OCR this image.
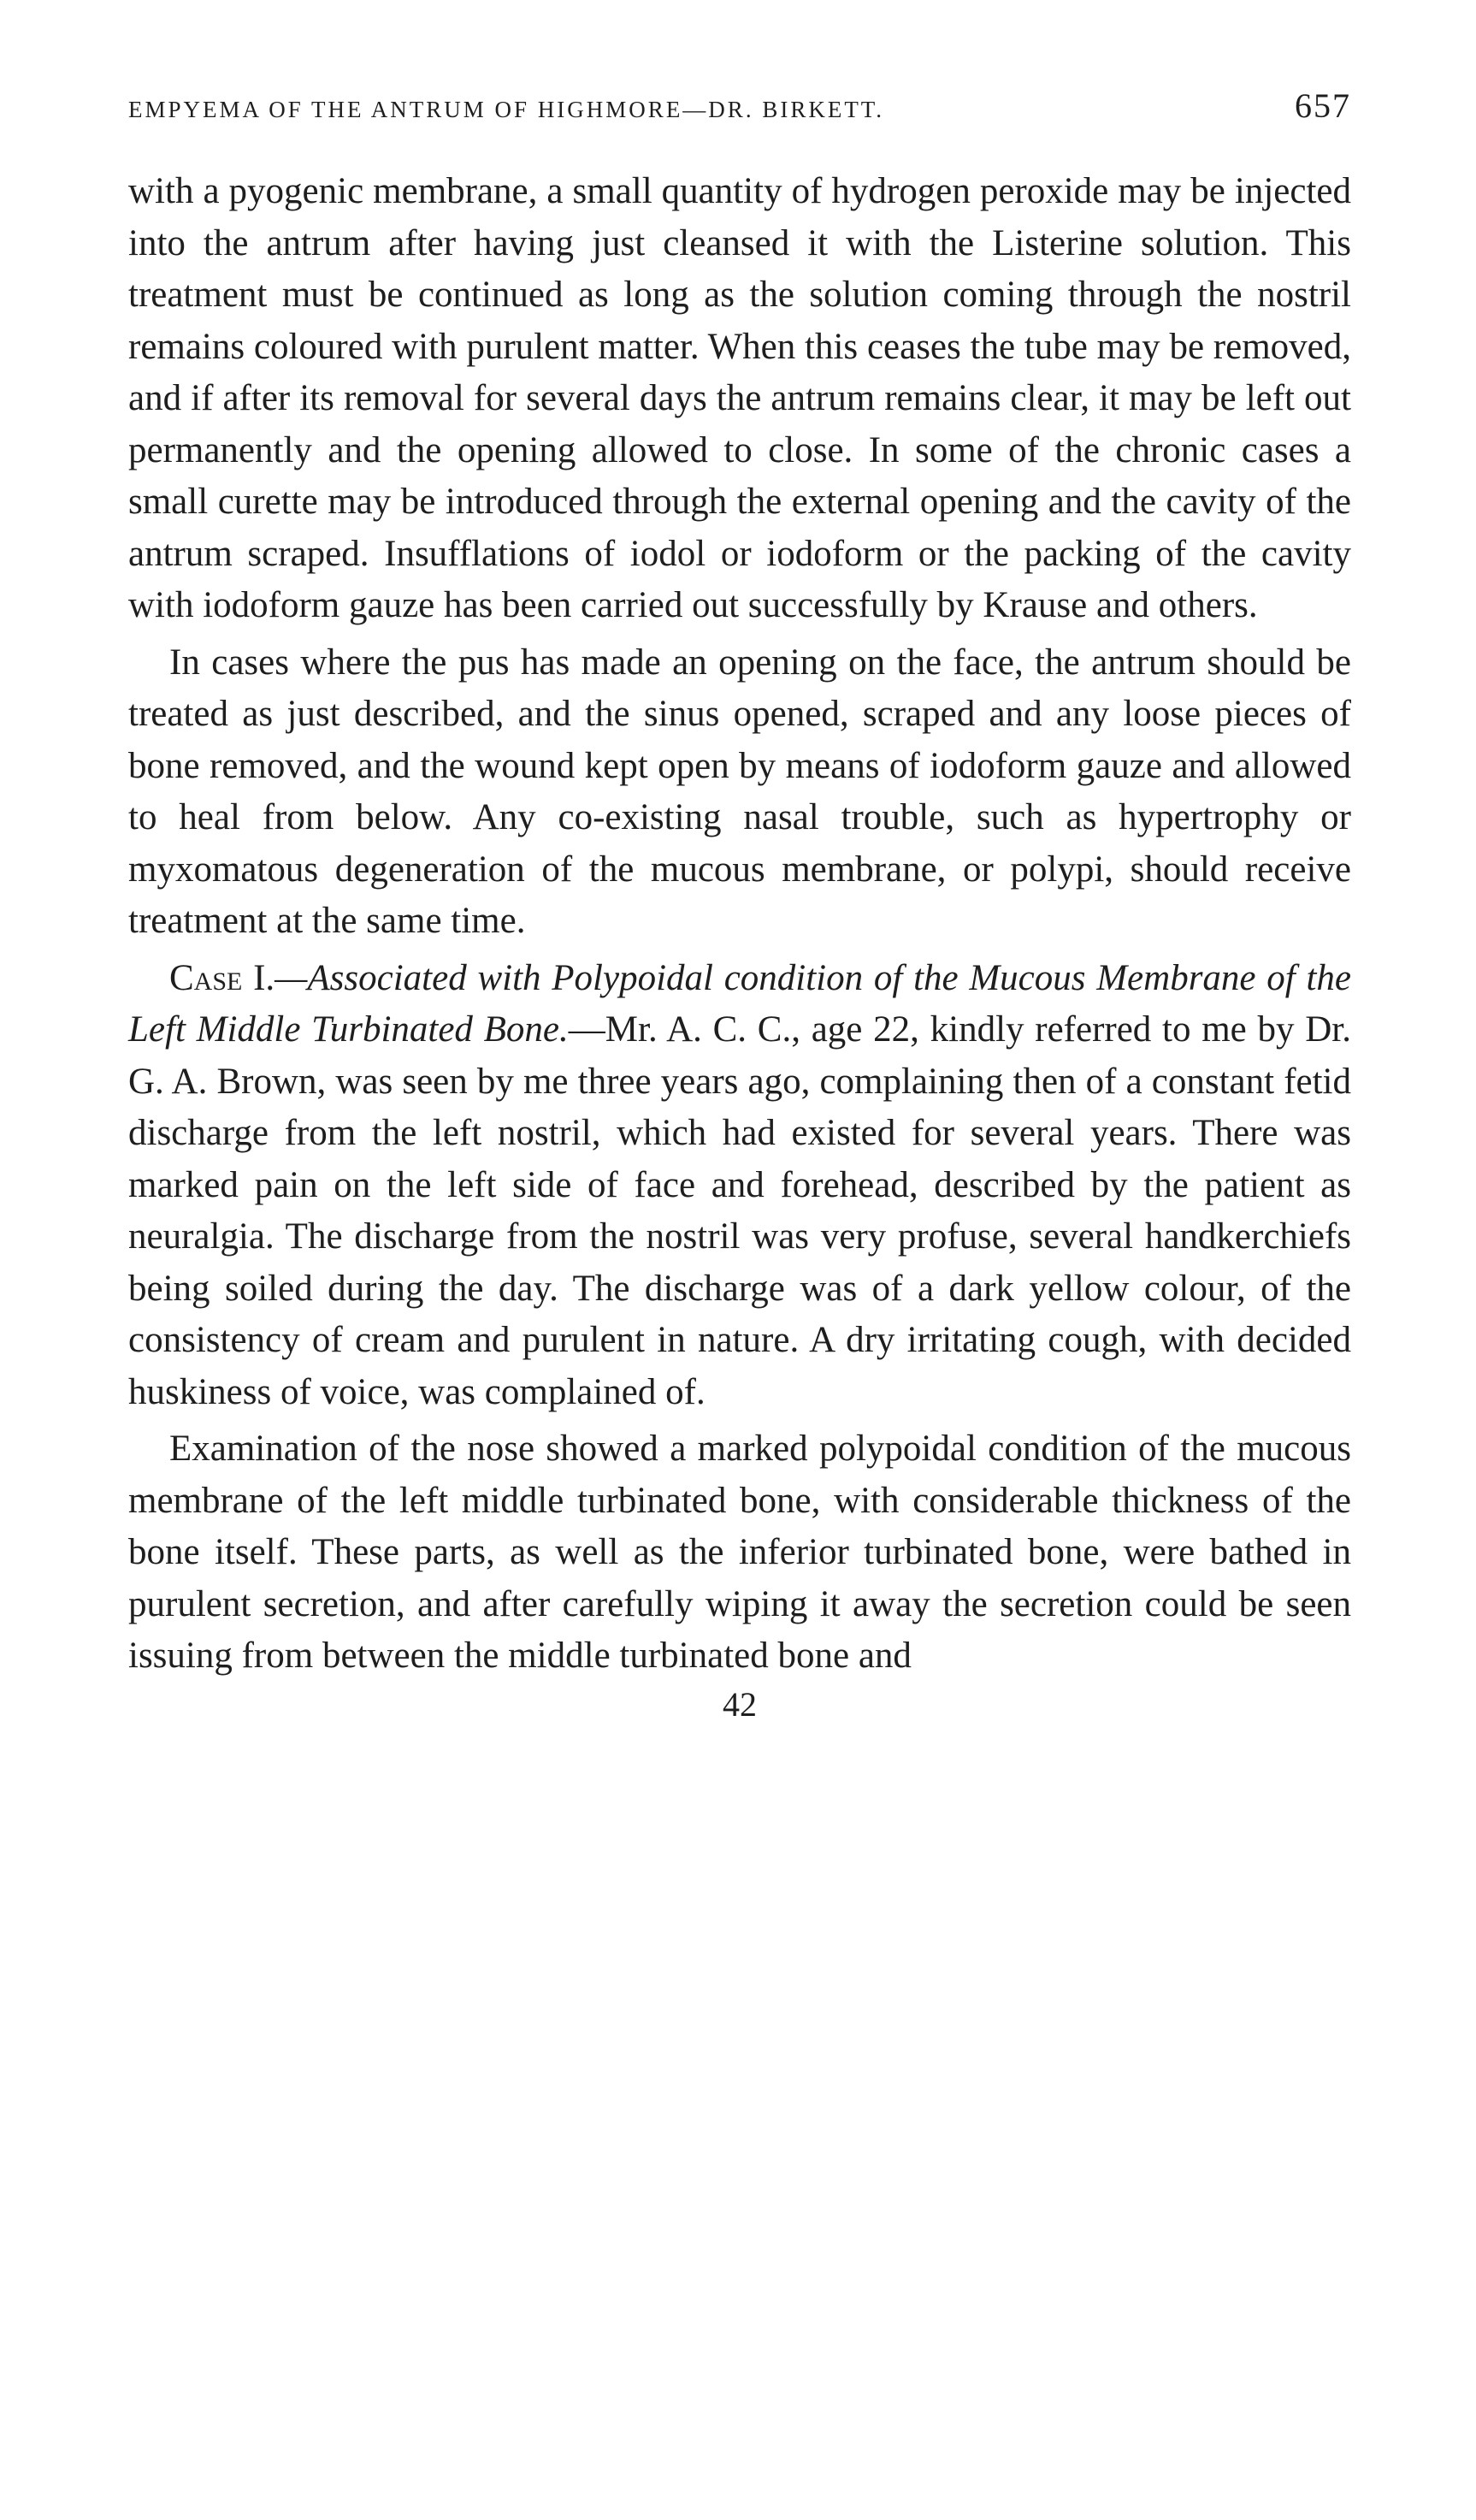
EMPYEMA OF THE ANTRUM OF HIGHMORE—DR. BIRKETT.	657

with a pyogenic membrane, a small quantity of hydrogen peroxide may be injected into the antrum after having just cleansed it with the Listerine solution. This treatment must be continued as long as the solution coming through the nostril remains coloured with purulent matter. When this ceases the tube may be removed, and if after its removal for several days the antrum remains clear, it may be left out permanently and the opening allowed to close. In some of the chronic cases a small curette may be introduced through the external opening and the cavity of the antrum scraped. Insufflations of iodol or iodoform or the packing of the cavity with iodoform gauze has been carried out successfully by Krause and others.

In cases where the pus has made an opening on the face, the antrum should be treated as just described, and the sinus opened, scraped and any loose pieces of bone removed, and the wound kept open by means of iodoform gauze and allowed to heal from below. Any co-existing nasal trouble, such as hypertrophy or myxomatous degeneration of the mucous membrane, or polypi, should receive treatment at the same time.

Case I.—Associated with Polypoidal condition of the Mucous Membrane of the Left Middle Turbinated Bone.—Mr. A. C. C., age 22, kindly referred to me by Dr. G. A. Brown, was seen by me three years ago, complaining then of a constant fetid discharge from the left nostril, which had existed for several years. There was marked pain on the left side of face and forehead, described by the patient as neuralgia. The discharge from the nostril was very profuse, several handkerchiefs being soiled during the day. The discharge was of a dark yellow colour, of the consistency of cream and purulent in nature. A dry irritating cough, with decided huskiness of voice, was complained of.

Examination of the nose showed a marked polypoidal condition of the mucous membrane of the left middle turbinated bone, with considerable thickness of the bone itself. These parts, as well as the inferior turbinated bone, were bathed in purulent secretion, and after carefully wiping it away the secretion could be seen issuing from between the middle turbinated bone and

42
